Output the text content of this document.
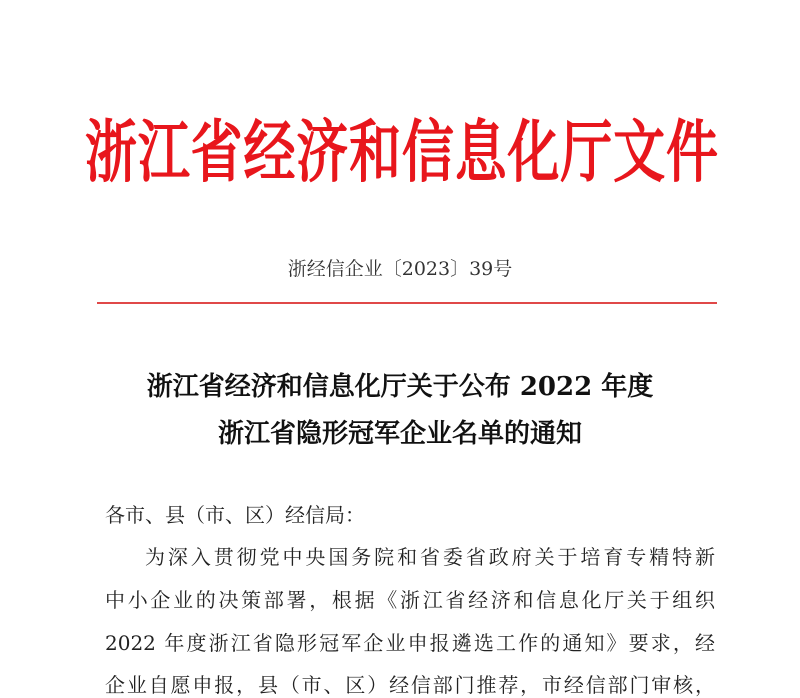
浙江省经济和信息化厅文件
浙经信企业〔2023〕39号
浙江省经济和信息化厅关于公布 2022 年度
浙江省隐形冠军企业名单的通知
各市、县（市、区）经信局：
为深入贯彻党中央国务院和省委省政府关于培育专精特新
中小企业的决策部署，根据《浙江省经济和信息化厅关于组织
2022 年度浙江省隐形冠军企业申报遴选工作的通知》要求，经
企业自愿申报，县（市、区）经信部门推荐，市经信部门审核，
